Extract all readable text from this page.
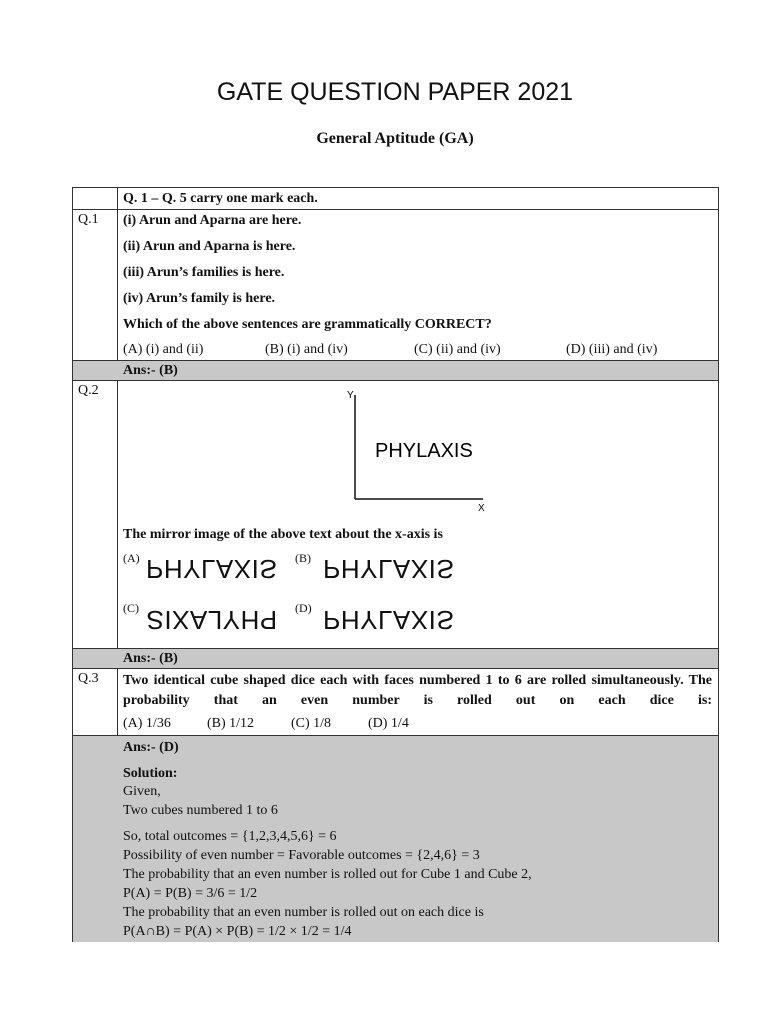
GATE QUESTION PAPER 2021
General Aptitude (GA)
Q. 1 – Q. 5 carry one mark each.
Q.1 (i) Arun and Aparna are here.
(ii) Arun and Aparna is here.
(iii) Arun’s families is here.
(iv) Arun’s family is here.
Which of the above sentences are grammatically CORRECT?
(A) (i) and (ii)	(B) (i) and (iv)	(C) (ii) and (iv)	(D) (iii) and (iv)
Ans:- (B)
Q.2	Y
X
PHYLAXIS
The mirror image of the above text about the x-axis is
(A) PHYLAXIS (B) PHYLAXIS
(C) PHYLAXIS (D) PHYLAXIS
Ans:- (B)
Q.3 Two identical cube shaped dice each with faces numbered 1 to 6 are rolled simultaneously. The probability that an even number is rolled out on each dice is:
(A) 1/36	(B) 1/12	(C) 1/8	(D) 1/4
Ans:- (D)
Solution:
Given,
Two cubes numbered 1 to 6
So, total outcomes = {1,2,3,4,5,6} = 6
Possibility of even number = Favorable outcomes = {2,4,6} = 3
The probability that an even number is rolled out for Cube 1 and Cube 2,
P(A) = P(B) = 3/6 = 1/2
The probability that an even number is rolled out on each dice is
P(A∩B) = P(A) × P(B) = 1/2 × 1/2 = 1/4
